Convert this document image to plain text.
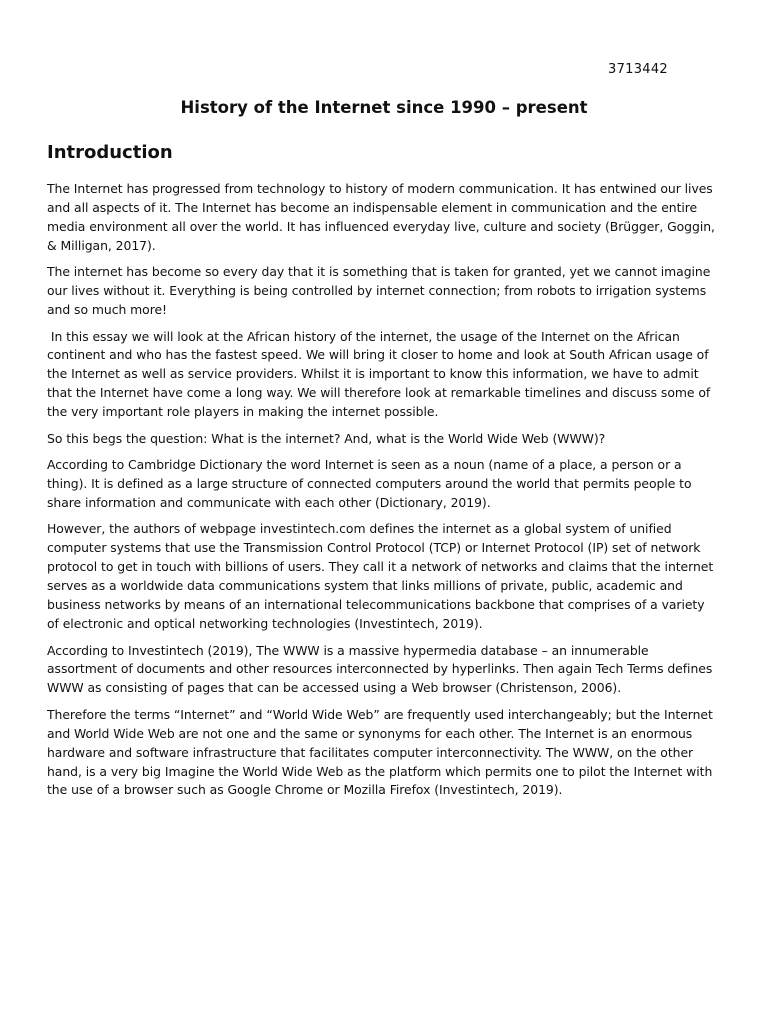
3713442

History of the Internet since 1990 – present
Introduction

The Internet has progressed from technology to history of modern communication. It has entwined our lives and all aspects of it. The Internet has become an indispensable element in communication and the entire media environment all over the world. It has influenced everyday live, culture and society (Brügger, Goggin, & Milligan, 2017).

The internet has become so every day that it is something that is taken for granted, yet we cannot imagine our lives without it. Everything is being controlled by internet connection; from robots to irrigation systems and so much more!

In this essay we will look at the African history of the internet, the usage of the Internet on the African continent and who has the fastest speed. We will bring it closer to home and look at South African usage of the Internet as well as service providers. Whilst it is important to know this information, we have to admit that the Internet have come a long way. We will therefore look at remarkable timelines and discuss some of the very important role players in making the internet possible.

So this begs the question: What is the internet? And, what is the World Wide Web (WWW)?

According to Cambridge Dictionary the word Internet is seen as a noun (name of a place, a person or a thing). It is defined as a large structure of connected computers around the world that permits people to share information and communicate with each other (Dictionary, 2019).

However, the authors of webpage investintech.com defines the internet as a global system of unified computer systems that use the Transmission Control Protocol (TCP) or Internet Protocol (IP) set of network protocol to get in touch with billions of users. They call it a network of networks and claims that the internet serves as a worldwide data communications system that links millions of private, public, academic and business networks by means of an international telecommunications backbone that comprises of a variety of electronic and optical networking technologies (Investintech, 2019).

According to Investintech (2019), The WWW is a massive hypermedia database – an innumerable assortment of documents and other resources interconnected by hyperlinks. Then again Tech Terms defines WWW as consisting of pages that can be accessed using a Web browser (Christenson, 2006).

Therefore the terms “Internet” and “World Wide Web” are frequently used interchangeably; but the Internet and World Wide Web are not one and the same or synonyms for each other. The Internet is an enormous hardware and software infrastructure that facilitates computer interconnectivity. The WWW, on the other hand, is a very big Imagine the World Wide Web as the platform which permits one to pilot the Internet with the use of a browser such as Google Chrome or Mozilla Firefox (Investintech, 2019).
